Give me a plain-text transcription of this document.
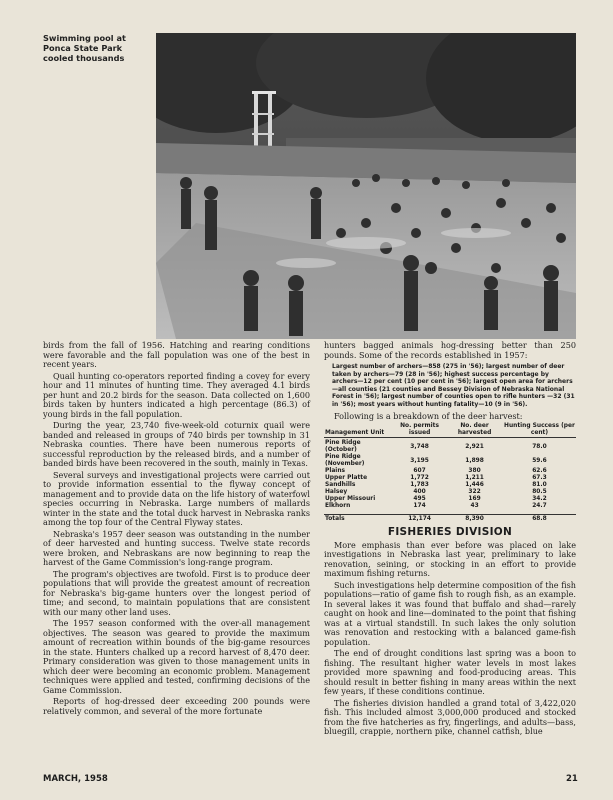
Swimming pool at Ponca State Park cooled thousands

birds from the fall of 1956. Hatching and rearing conditions were favorable and the fall population was one of the best in recent years.

Quail hunting co-operators reported finding a covey for every hour and 11 minutes of hunting time. They averaged 4.1 birds per hunt and 20.2 birds for the season. Data collected on 1,600 birds taken by hunters indicated a high percentage (86.3) of young birds in the fall population.

During the year, 23,740 five-week-old coturnix quail were banded and released in groups of 740 birds per township in 31 Nebraska counties. There have been numerous reports of successful reproduction by the released birds, and a number of banded birds have been recovered in the south, mainly in Texas.

Several surveys and investigational projects were carried out to provide information essential to the flyway concept of management and to provide data on the life history of waterfowl species occurring in Nebraska. Large numbers of mallards winter in the state and the total duck harvest in Nebraska ranks among the top four of the Central Flyway states.

Nebraska's 1957 deer season was outstanding in the number of deer harvested and hunting success. Twelve state records were broken, and Nebraskans are now beginning to reap the harvest of the Game Commission's long-range program.

The program's objectives are twofold. First is to produce deer populations that will provide the greatest amount of recreation for Nebraska's big-game hunters over the longest period of time; and second, to maintain populations that are consistent with our many other land uses.

The 1957 season conformed with the over-all management objectives. The season was geared to provide the maximum amount of recreation within bounds of the big-game resources in the state. Hunters chalked up a record harvest of 8,470 deer. Primary consideration was given to those management units in which deer were becoming an economic problem. Management techniques were applied and tested, confirming decisions of the Game Commission.

Reports of hog-dressed deer exceeding 200 pounds were relatively common, and several of the more fortunate

hunters bagged animals hog-dressing better than 250 pounds. Some of the records established in 1957:

Largest number of archers—858 (275 in '56); largest number of deer taken by archers—79 (28 in '56); highest success percentage by archers—12 per cent (10 per cent in '56); largest open area for archers—all counties (21 counties and Bessey Division of Nebraska National Forest in '56); largest number of counties open to rifle hunters —32 (31 in '56); most years without hunting fatality—10 (9 in '56).

Following is a breakdown of the deer harvest:

Management Unit	No. permits issued	No. deer harvested	Hunting Success (per cent)
Pine Ridge (October)	3,748	2,921	78.0
Pine Ridge (November)	3,195	1,898	59.6
Plains	607	380	62.6
Upper Platte	1,772	1,211	67.3
Sandhills	1,783	1,446	81.0
Halsey	400	322	80.5
Upper Missouri	495	169	34.2
Elkhorn	174	43	24.7

Totals	12,174	8,390	68.8
FISHERIES DIVISION

More emphasis than ever before was placed on lake investigations in Nebraska last year, preliminary to lake renovation, seining, or stocking in an effort to provide maximum fishing returns.

Such investigations help determine composition of the fish populations—ratio of game fish to rough fish, as an example. In several lakes it was found that buffalo and shad—rarely caught on hook and line—dominated to the point that fishing was at a virtual standstill. In such lakes the only solution was renovation and restocking with a balanced game-fish population.

The end of drought conditions last spring was a boon to fishing. The resultant higher water levels in most lakes provided more spawning and food-producing areas. This should result in better fishing in many areas within the next few years, if these conditions continue.

The fisheries division handled a grand total of 3,422,020 fish. This included almost 3,000,000 produced and stocked from the five hatcheries as fry, fingerlings, and adults—bass, bluegill, crappie, northern pike, channel catfish, blue

MARCH, 1958	21
